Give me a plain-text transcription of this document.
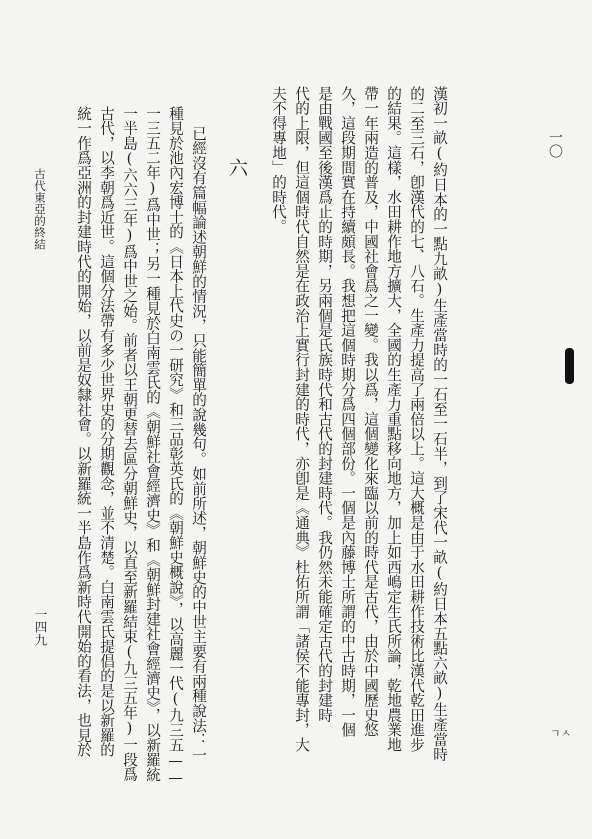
一〇
ㄱㅅ
漢初一畝(約日本的一點九畝)生產當時的一石至一石半，到了宋代一畝(約日本五點六畝)生產當時
的二至三石，卽漢代的七、八石。生產力提高了兩倍以上。這大概是由于水田耕作技術比漢代乾田進步
的結果。這樣，水田耕作地方擴大，全國的生產力重點移向地方，加上如西嶋定生氏所論，乾地農業地
帶一年兩造的普及，中國社會爲之一變。我以爲，這個變化來臨以前的時代是古代，由於中國歷史悠
久，這段期間實在持續頗長。我想把這個時期分爲四個部份。一個是內藤博士所謂的中古時期，一個
是由戰國至後漢爲止的時期，另兩個是氏族時代和古代的封建時代。我仍然未能確定古代的封建時
代的上限，但這個時代自然是在政治上實行封建的時代，亦卽是《通典》杜佑所謂「諸侯不能專封，大
夫不得專地」的時代。
六
已經沒有篇幅論述朝鮮的情況，只能簡單的說幾句。如前所述，朝鮮史的中世主要有兩種說法：一
種見於池內宏博士的《日本上代史の一研究》和三品彰英氏的《朝鮮史概說》，以高麗一代(九三五——
一三五二年)爲中世；另一種見於白南雲氏的《朝鮮社會經濟史》和《朝鮮封建社會經濟史》，以新羅統
一半島(六六三年)爲中世之始。前者以王朝更替去區分朝鮮史，以直至新羅結束(九三五年)一段爲
古代，以李朝爲近世。這個分法帶有多少世界史的分期觀念，並不清楚。白南雲氏提倡的是以新羅的
統一作爲亞洲的封建時代的開始，以前是奴隸社會。以新羅統一半島作爲新時代開始的看法，也見於
古代東亞的終結
一四九
